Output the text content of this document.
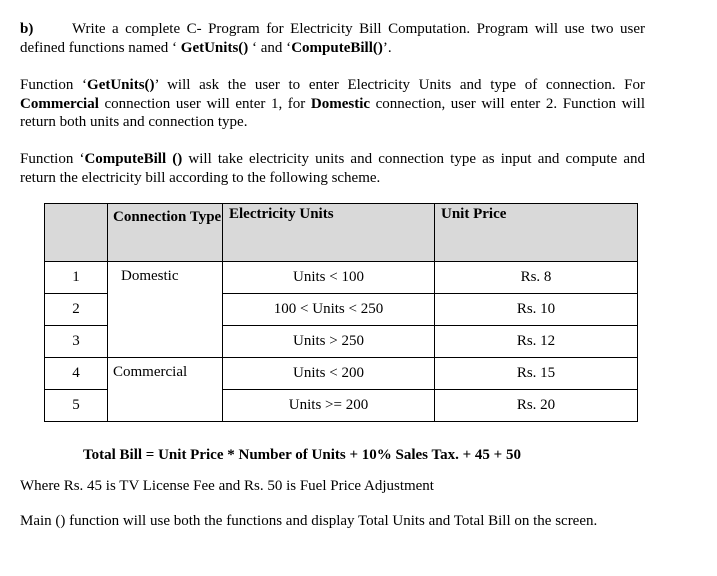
b)	Write a complete C- Program for Electricity Bill Computation. Program will use two user defined functions named ‘ GetUnits() ‘ and ‘ComputeBill()’.
Function ‘GetUnits()’ will ask the user to enter Electricity Units and type of connection. For Commercial connection user will enter 1, for Domestic connection, user will enter 2. Function will return both units and connection type.
Function ‘ComputeBill () will take electricity units and connection type as input and compute and return the electricity bill according to the following scheme.
	Connection Type	Electricity Units	Unit Price
1	Domestic	Units < 100	Rs. 8
2		100 < Units < 250	Rs. 10
3		Units > 250	Rs. 12
4	Commercial	Units < 200	Rs. 15
5		Units >= 200	Rs. 20
Total Bill = Unit Price * Number of Units + 10% Sales Tax. + 45 + 50
Where Rs. 45 is TV License Fee and Rs. 50 is Fuel Price Adjustment
Main () function will use both the functions and display Total Units and Total Bill on the screen.
